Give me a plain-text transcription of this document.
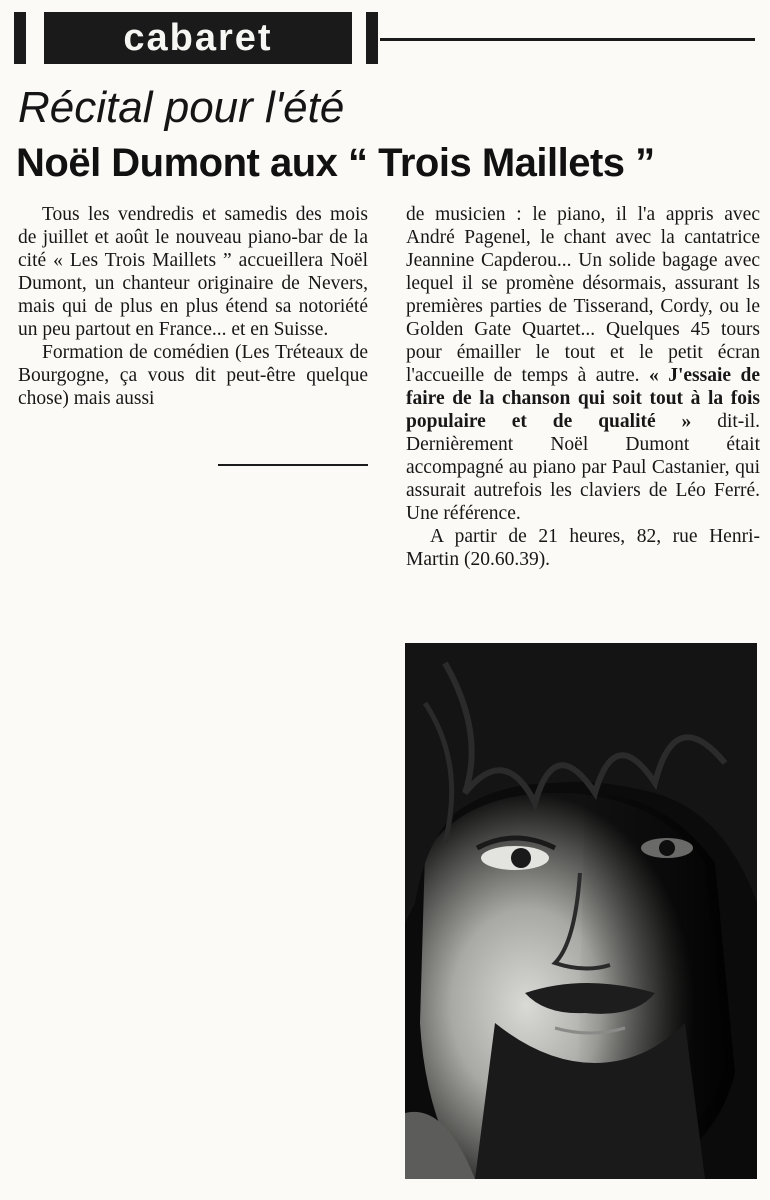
cabaret
Récital pour l'été
Noël Dumont aux “ Trois Maillets ”

Tous les vendredis et samedis des mois de juillet et août le nouveau piano-bar de la cité « Les Trois Maillets ” accueillera Noël Dumont, un chanteur originaire de Nevers, mais qui de plus en plus étend sa notoriété un peu partout en France... et en Suisse.

Formation de comédien (Les Tréteaux de Bourgogne, ça vous dit peut-être quelque chose) mais aussi

de musicien : le piano, il l'a appris avec André Pagenel, le chant avec la cantatrice Jeannine Capderou... Un solide bagage avec lequel il se promène désormais, assurant ls premières parties de Tisserand, Cordy, ou le Golden Gate Quartet... Quelques 45 tours pour émailler le tout et le petit écran l'accueille de temps à autre. « J'essaie de faire de la chanson qui soit tout à la fois populaire et de qualité » dit-il. Dernièrement Noël Dumont était accompagné au piano par Paul Castanier, qui assurait autrefois les claviers de Léo Ferré. Une référence.

A partir de 21 heures, 82, rue Henri-Martin (20.60.39).
